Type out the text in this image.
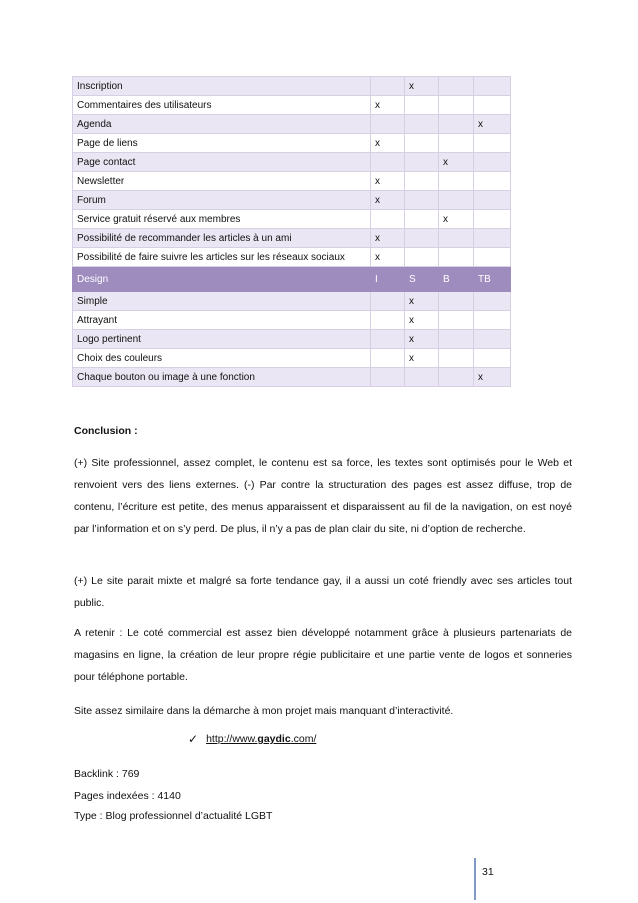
Inscription		x		
Commentaires des utilisateurs	x			
Agenda				x
Page de liens	x			
Page contact			x	
Newsletter	x			
Forum	x			
Service gratuit réservé aux membres			x	
Possibilité de recommander les articles à un ami	x			
Possibilité de faire suivre les articles sur les réseaux sociaux	x			
Design	I	S	B	TB
Simple		x		
Attrayant		x		
Logo pertinent		x		
Choix des couleurs		x		
Chaque bouton ou image à une fonction				x

Conclusion :

(+) Site professionnel, assez complet, le contenu est sa force, les textes sont optimisés pour le Web et renvoient vers des liens externes. (-) Par contre la structuration des pages est assez diffuse, trop de contenu, l’écriture est petite, des menus apparaissent et disparaissent au fil de la navigation, on est noyé par l’information et on s’y perd. De plus, il n’y a pas de plan clair du site, ni d’option de recherche.

(+) Le site parait mixte et malgré sa forte tendance gay, il a aussi un coté friendly avec ses articles tout public.

A retenir : Le coté commercial est assez bien développé notamment grâce à plusieurs partenariats de magasins en ligne, la création de leur propre régie publicitaire et une partie vente de logos et sonneries pour téléphone portable.

Site assez similaire dans la démarche à mon projet mais manquant d’interactivité.

✓ http://www.gaydic.com/
Backlink : 769
Pages indexées : 4140
Type : Blog professionnel d’actualité LGBT
31
